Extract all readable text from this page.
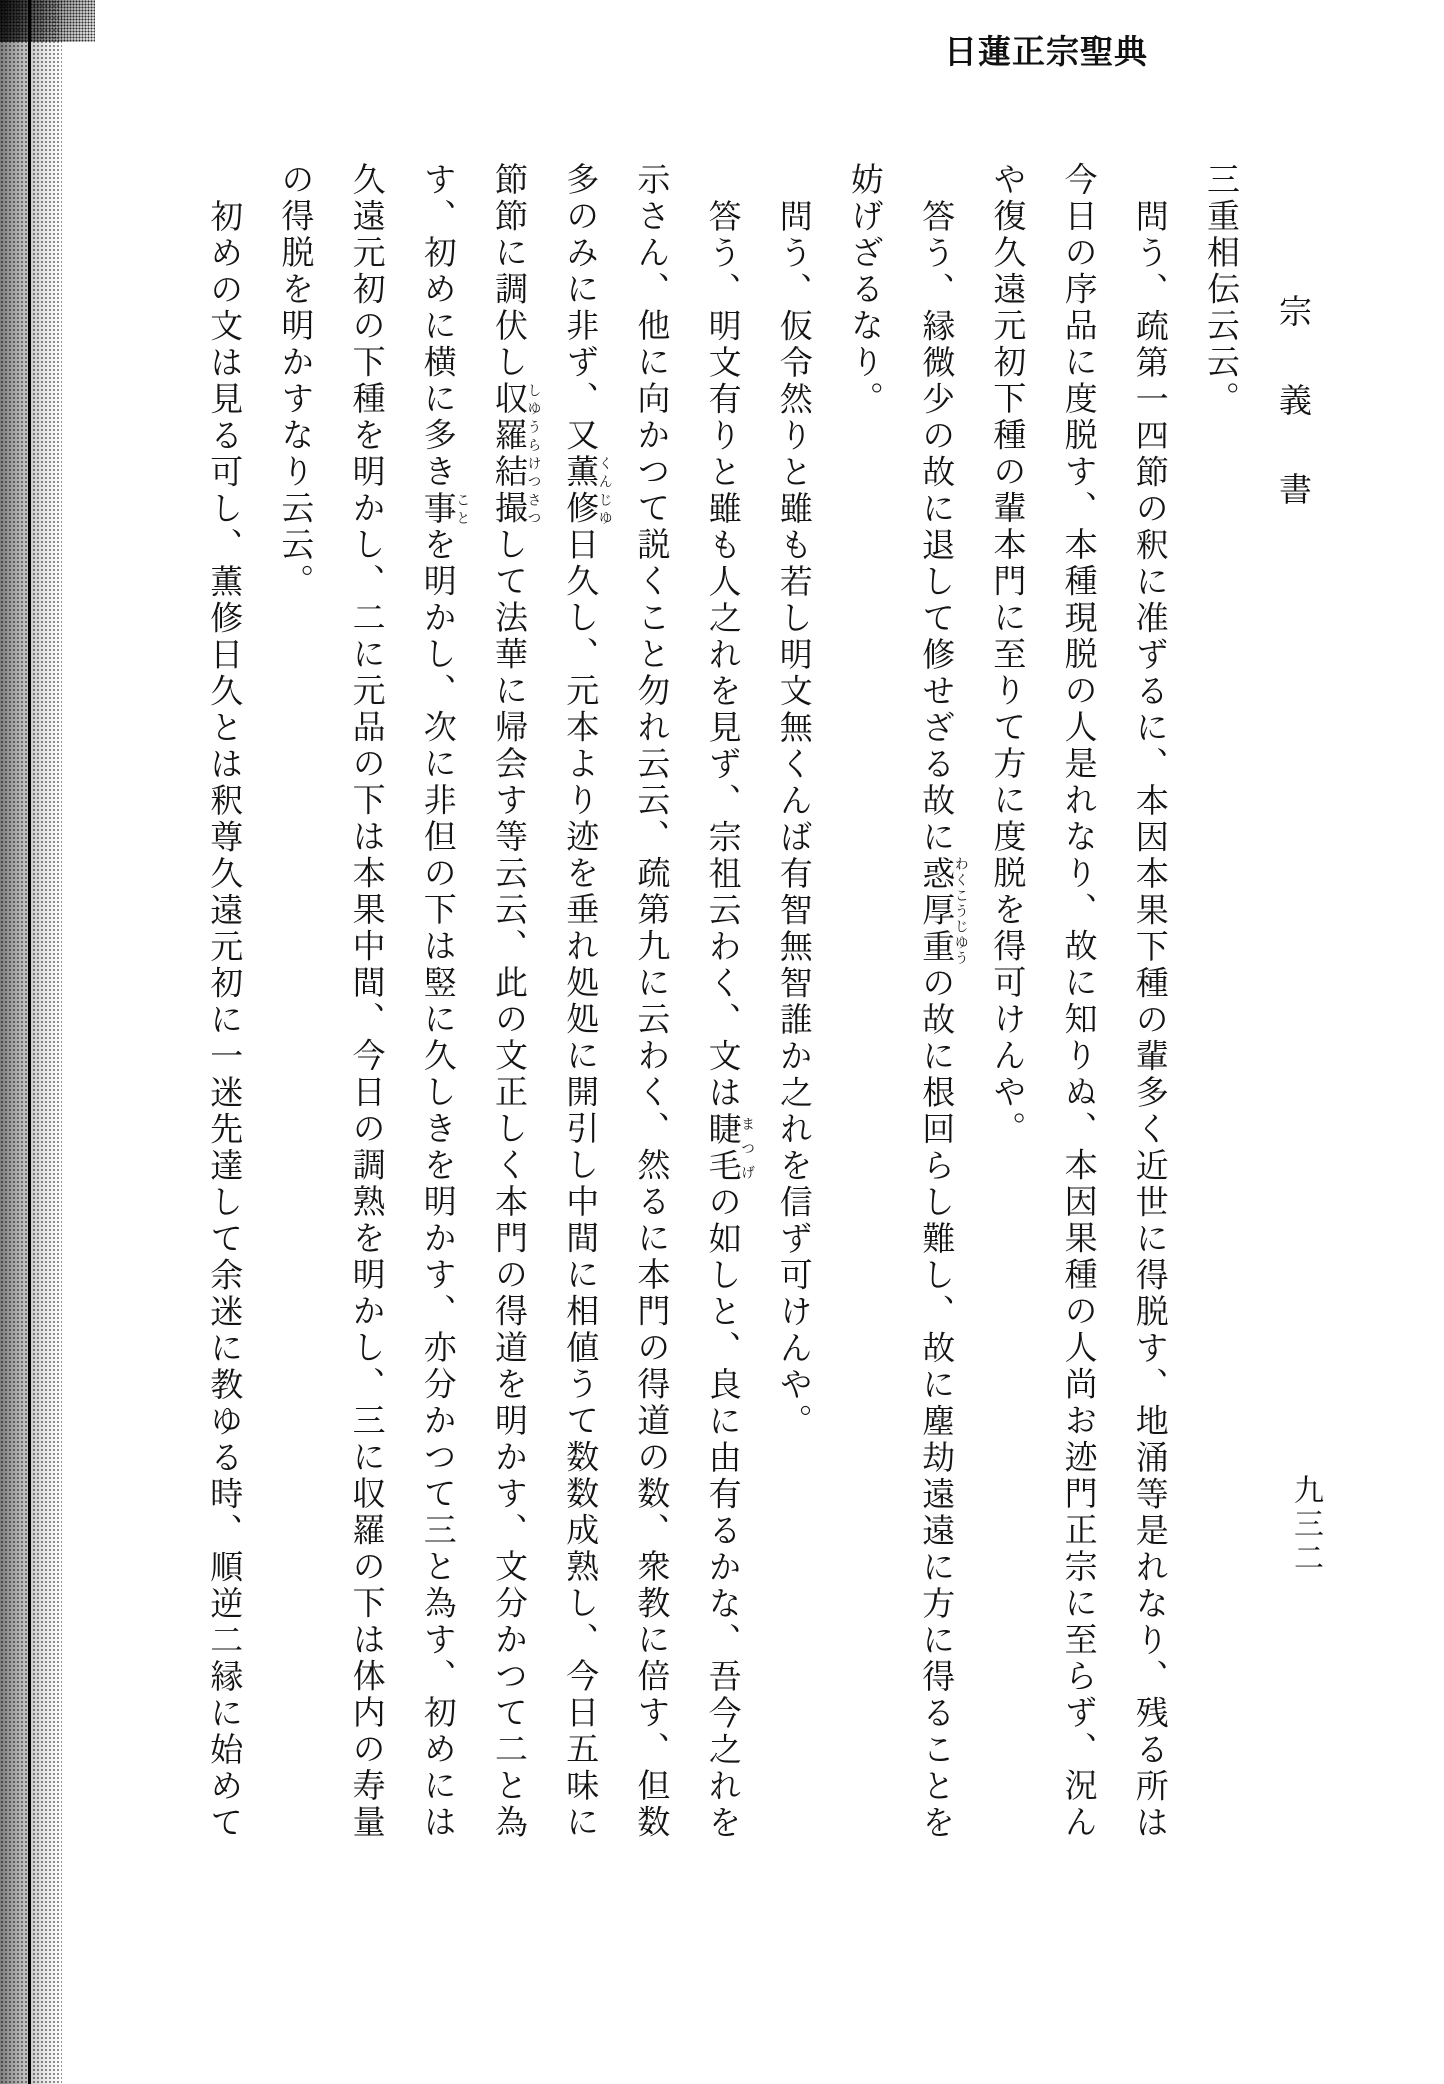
日蓮正宗聖典
宗義書
九三二
三重相伝云云。
問う、疏第一四節の釈に准ずるに、本因本果下種の輩多く近世に得脱す、地涌等是れなり、残る所は
今日の序品に度脱す、本種現脱の人是れなり、故に知りぬ、本因果種の人尚お迹門正宗に至らず、況ん
や復久遠元初下種の輩本門に至りて方に度脱を得可けんや。
答う、縁微少の故に退して修せざる故に惑厚重わくこうじゆうの故に根回らし難し、故に塵劫遠遠に方に得ることを
妨げざるなり。
問う、仮令然りと雖も若し明文無くんば有智無智誰か之れを信ず可けんや。
答う、明文有りと雖も人之れを見ず、宗祖云わく、文は睫毛まつげの如しと、良に由有るかな、吾今之れを
示さん、他に向かつて説くこと勿れ云云、疏第九に云わく、然るに本門の得道の数、衆教に倍す、但数
多のみに非ず、又薫修くんじゆ日久し、元本より迹を垂れ処処に開引し中間に相値うて数数成熟し、今日五味に
節節に調伏し収羅結撮しゆうらけつさつして法華に帰会す等云云、此の文正しく本門の得道を明かす、文分かつて二と為
す、初めに横に多き事ことを明かし、次に非但の下は竪に久しきを明かす、亦分かつて三と為す、初めには
久遠元初の下種を明かし、二に元品の下は本果中間、今日の調熟を明かし、三に収羅の下は体内の寿量
の得脱を明かすなり云云。
初めの文は見る可し、薫修日久とは釈尊久遠元初に一迷先達して余迷に教ゆる時、順逆二縁に始めて
